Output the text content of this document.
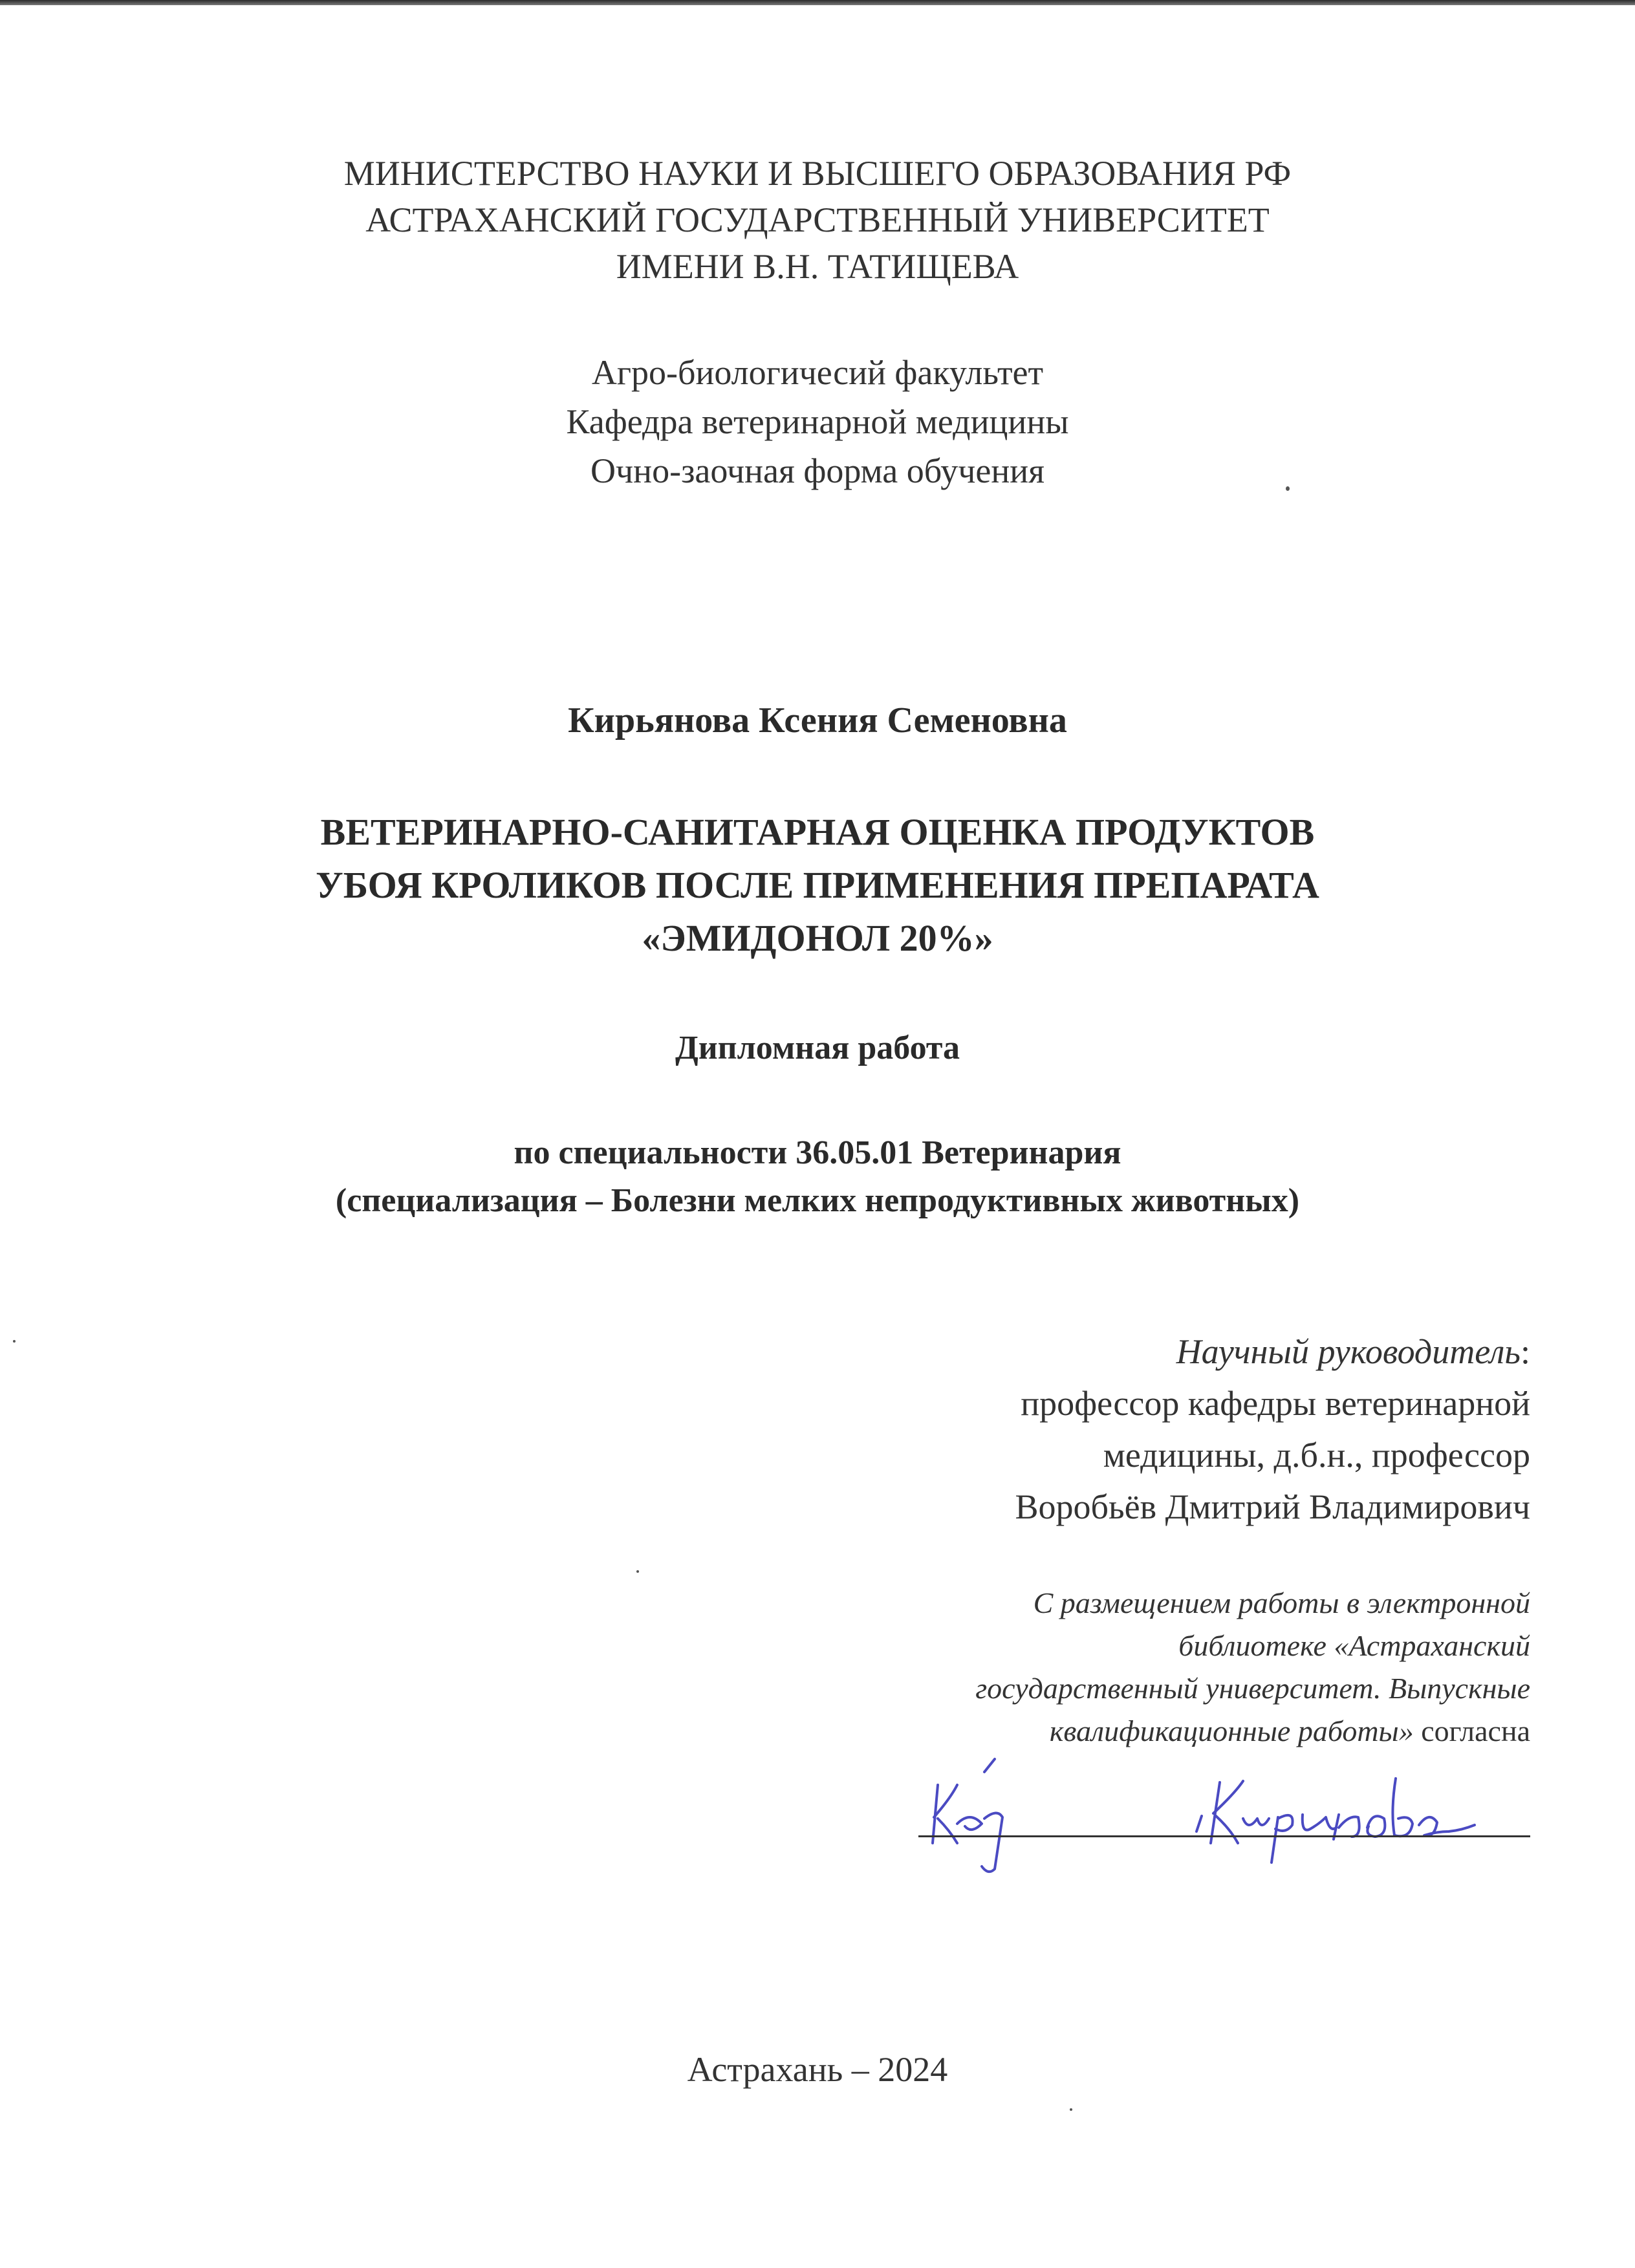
МИНИСТЕРСТВО НАУКИ И ВЫСШЕГО ОБРАЗОВАНИЯ РФ
АСТРАХАНСКИЙ ГОСУДАРСТВЕННЫЙ УНИВЕРСИТЕТ
ИМЕНИ В.Н. ТАТИЩЕВА
Агро-биологичесий факультет
Кафедра ветеринарной медицины
Очно-заочная форма обучения
Кирьянова Ксения Семеновна
ВЕТЕРИНАРНО-САНИТАРНАЯ ОЦЕНКА ПРОДУКТОВ
УБОЯ КРОЛИКОВ ПОСЛЕ ПРИМЕНЕНИЯ ПРЕПАРАТА
«ЭМИДОНОЛ 20%»
Дипломная работа
по специальности 36.05.01 Ветеринария
(специализация – Болезни мелких непродуктивных животных)
Научный руководитель:
профессор кафедры ветеринарной
медицины, д.б.н., профессор
Воробьёв Дмитрий Владимирович
С размещением работы в электронной
библиотеке «Астраханский
государственный университет. Выпускные
квалификационные работы» согласна
Астрахань – 2024
